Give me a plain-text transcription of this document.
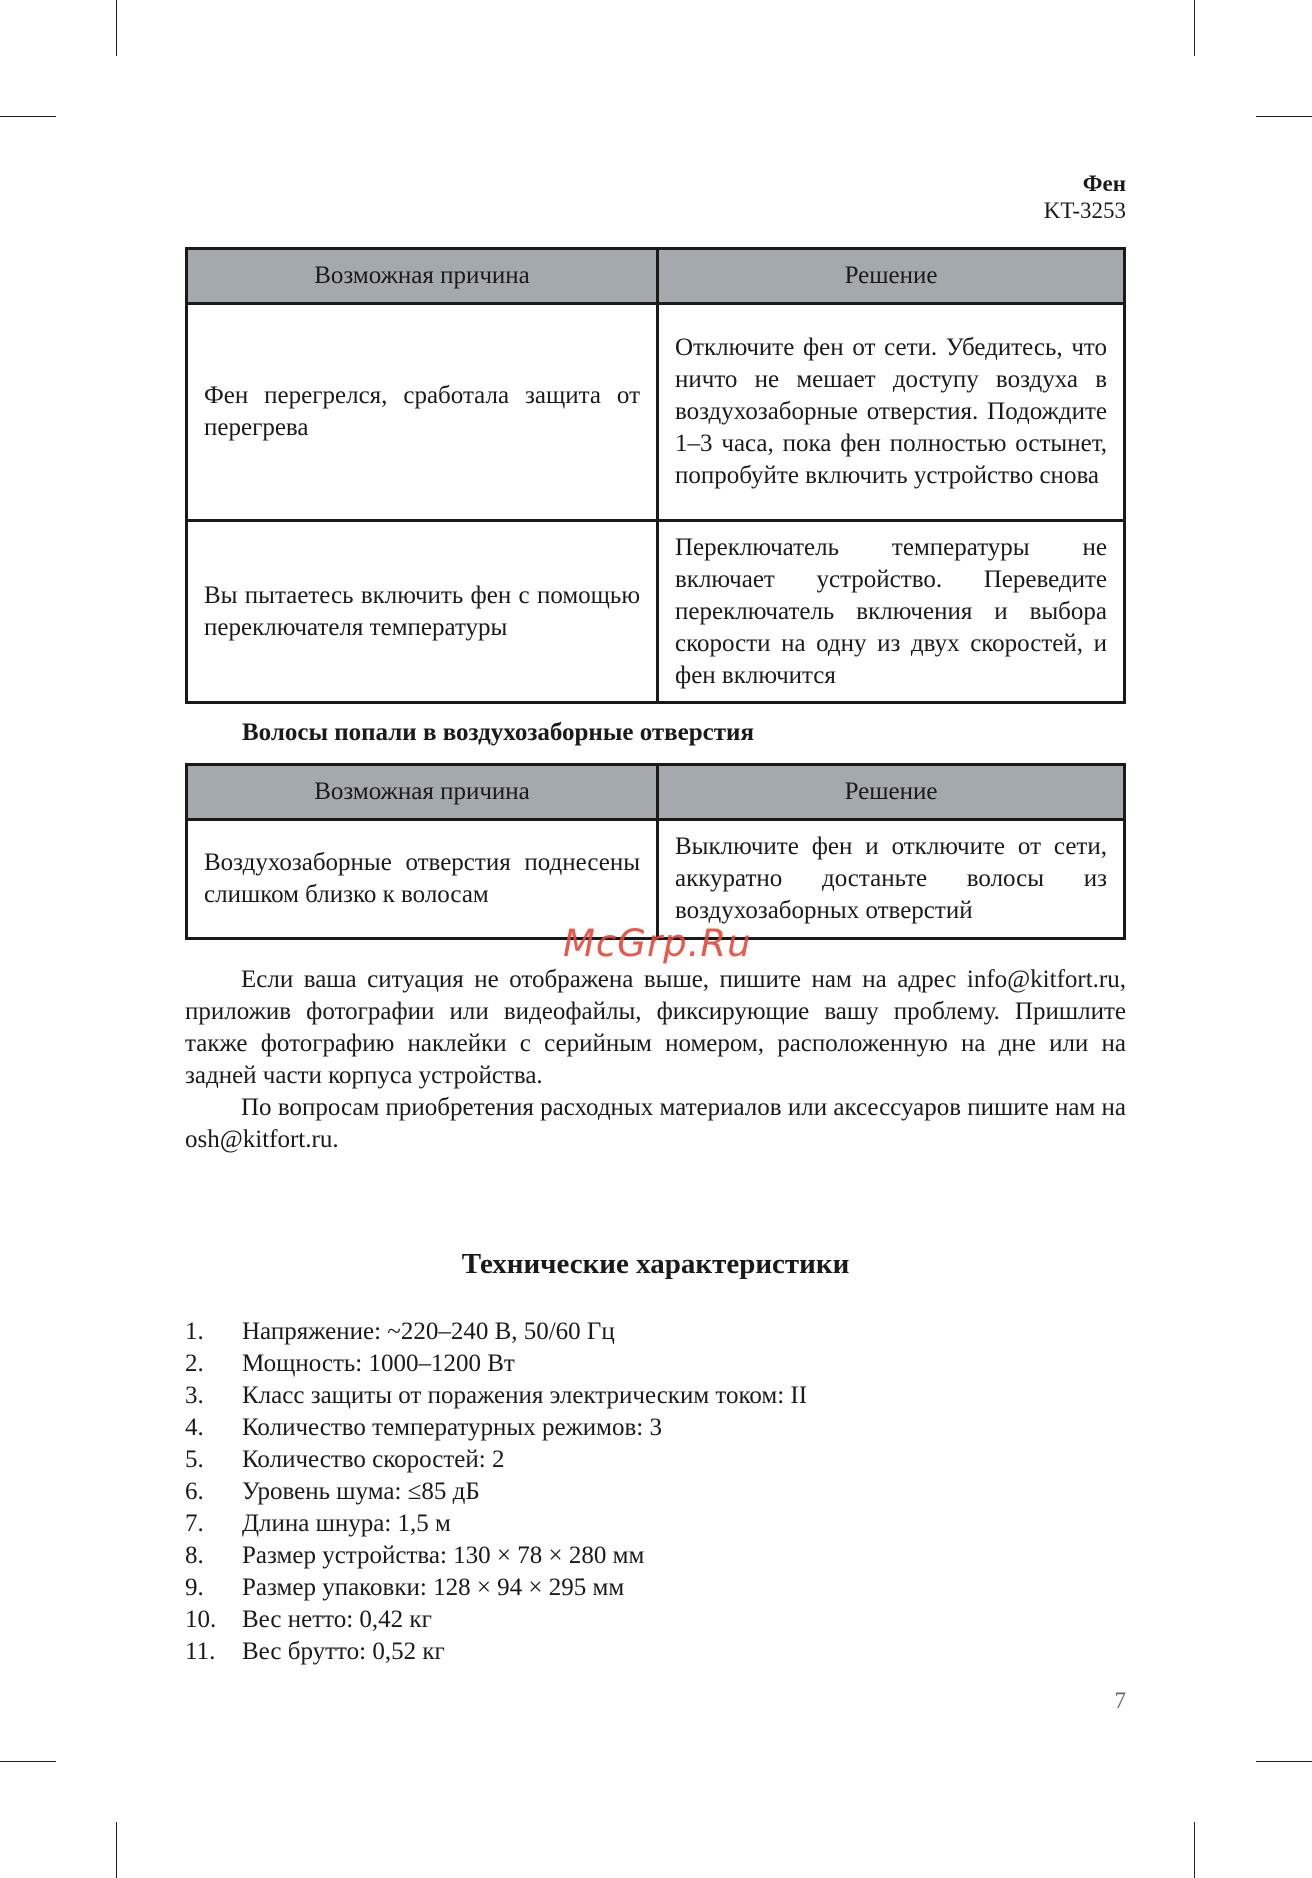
Фен
KT-3253
Возможная причина	Решение
Фен перегрелся, сработала защита от перегрева	Отключите фен от сети. Убедитесь, что ничто не мешает доступу воздуха в воздухозаборные отверстия. Подождите 1–3 часа, пока фен полностью остынет, попробуйте включить устройство снова
Вы пытаетесь включить фен с помощью переключателя температуры	Переключатель температуры не включает устройство. Переведите переключатель включения и выбора скорости на одну из двух скоростей, и фен включится
Волосы попали в воздухозаборные отверстия
Возможная причина	Решение
Воздухозаборные отверстия поднесены слишком близко к волосам	Выключите фен и отключите от сети, аккуратно достаньте волосы из воздухозаборных отверстий
McGrp.Ru

Если ваша ситуация не отображена выше, пишите нам на адрес info@kitfort.ru, приложив фотографии или видеофайлы, фиксирующие вашу проблему. Пришлите также фотографию наклейки с серийным номером, расположенную на дне или на задней части корпуса устройства.

По вопросам приобретения расходных материалов или аксессуаров пишите нам на osh@kitfort.ru.

Технические характеристики
1.	Напряжение: ~220–240 В, 50/60 Гц
2.	Мощность: 1000–1200 Вт
3.	Класс защиты от поражения электрическим током: II
4.	Количество температурных режимов: 3
5.	Количество скоростей: 2
6.	Уровень шума: ≤85 дБ
7.	Длина шнура: 1,5 м
8.	Размер устройства: 130 × 78 × 280 мм
9.	Размер упаковки: 128 × 94 × 295 мм
10.	Вес нетто: 0,42 кг
11.	Вес брутто: 0,52 кг
7
